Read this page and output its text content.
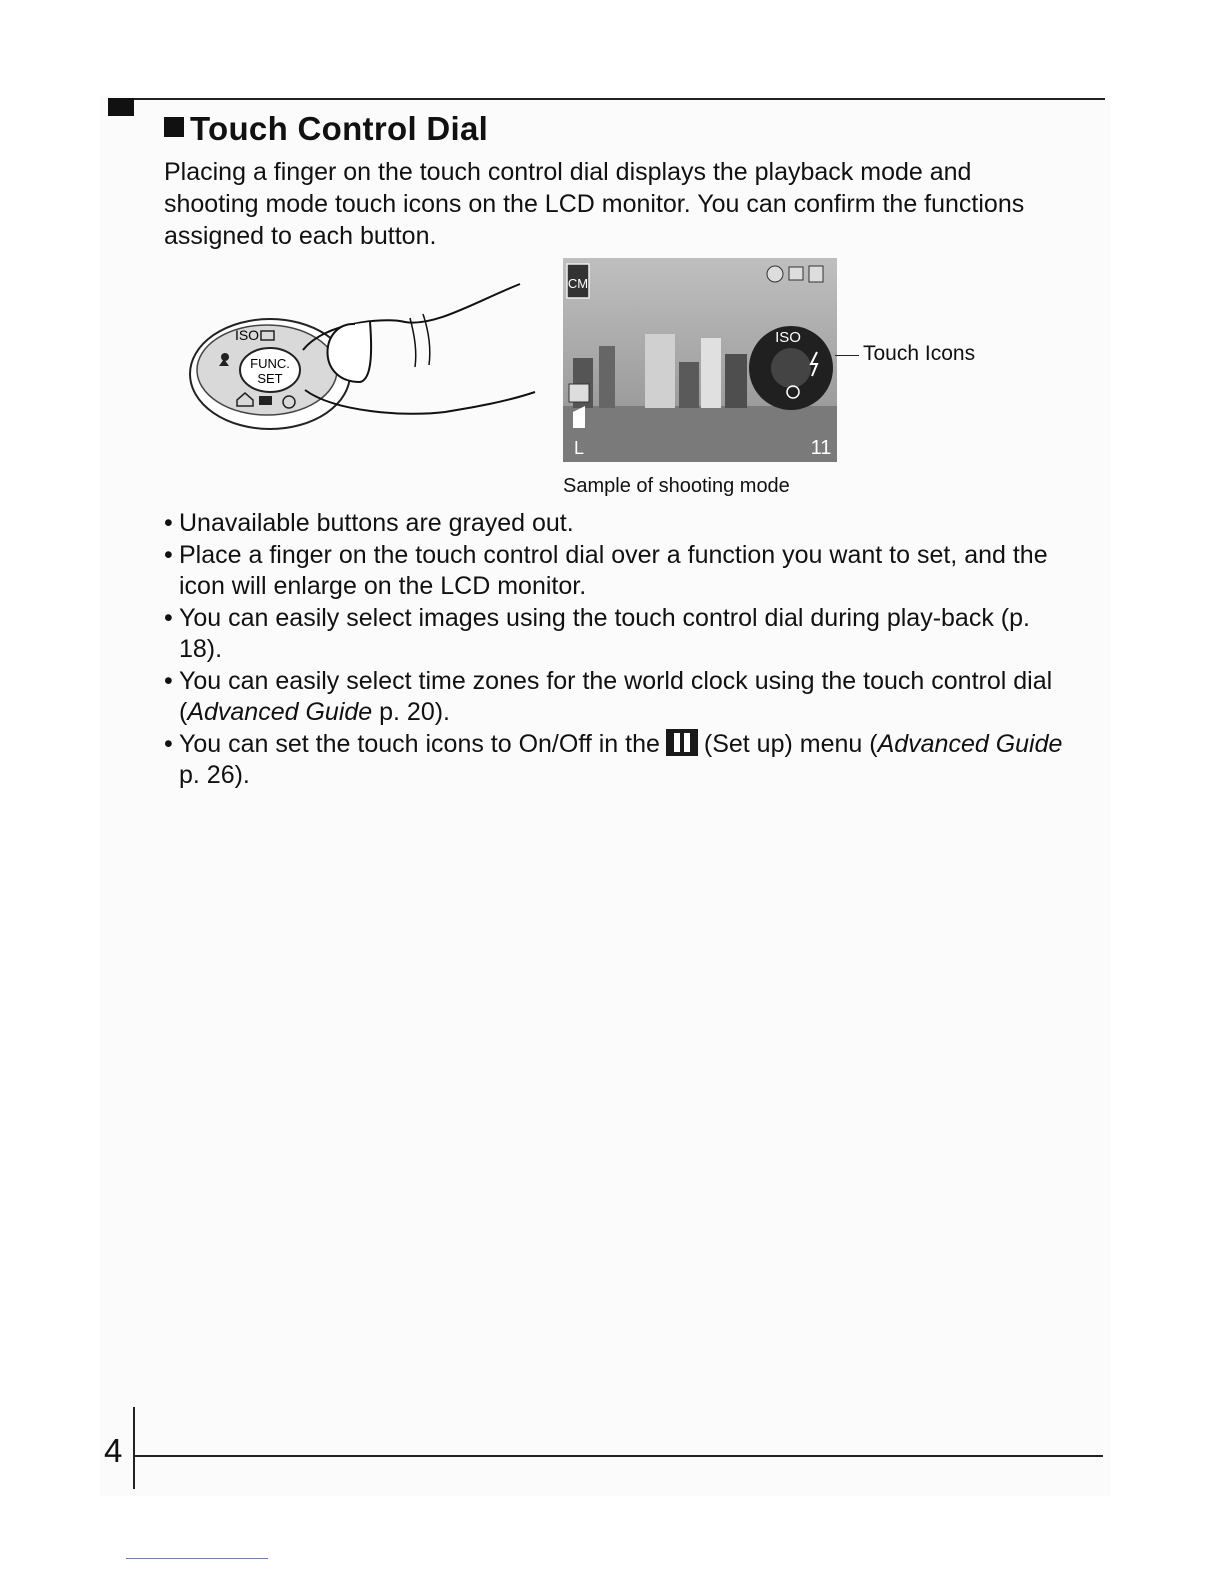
Touch Control Dial

Placing a finger on the touch control dial displays the playback mode and shooting mode touch icons on the LCD monitor. You can confirm the functions assigned to each button.

FUNC.
SET
ISO
CM
ISO
L	11
Touch Icons
Sample of shooting mode
• Unavailable buttons are grayed out.
• Place a finger on the touch control dial over a function you want to set, and the icon will enlarge on the LCD monitor.
• You can easily select images using the touch control dial during play-back (p. 18).
• You can easily select time zones for the world clock using the touch control dial (Advanced Guide p. 20).
• You can set the touch icons to On/Off in the (Set up) menu (Advanced Guide p. 26).
4
